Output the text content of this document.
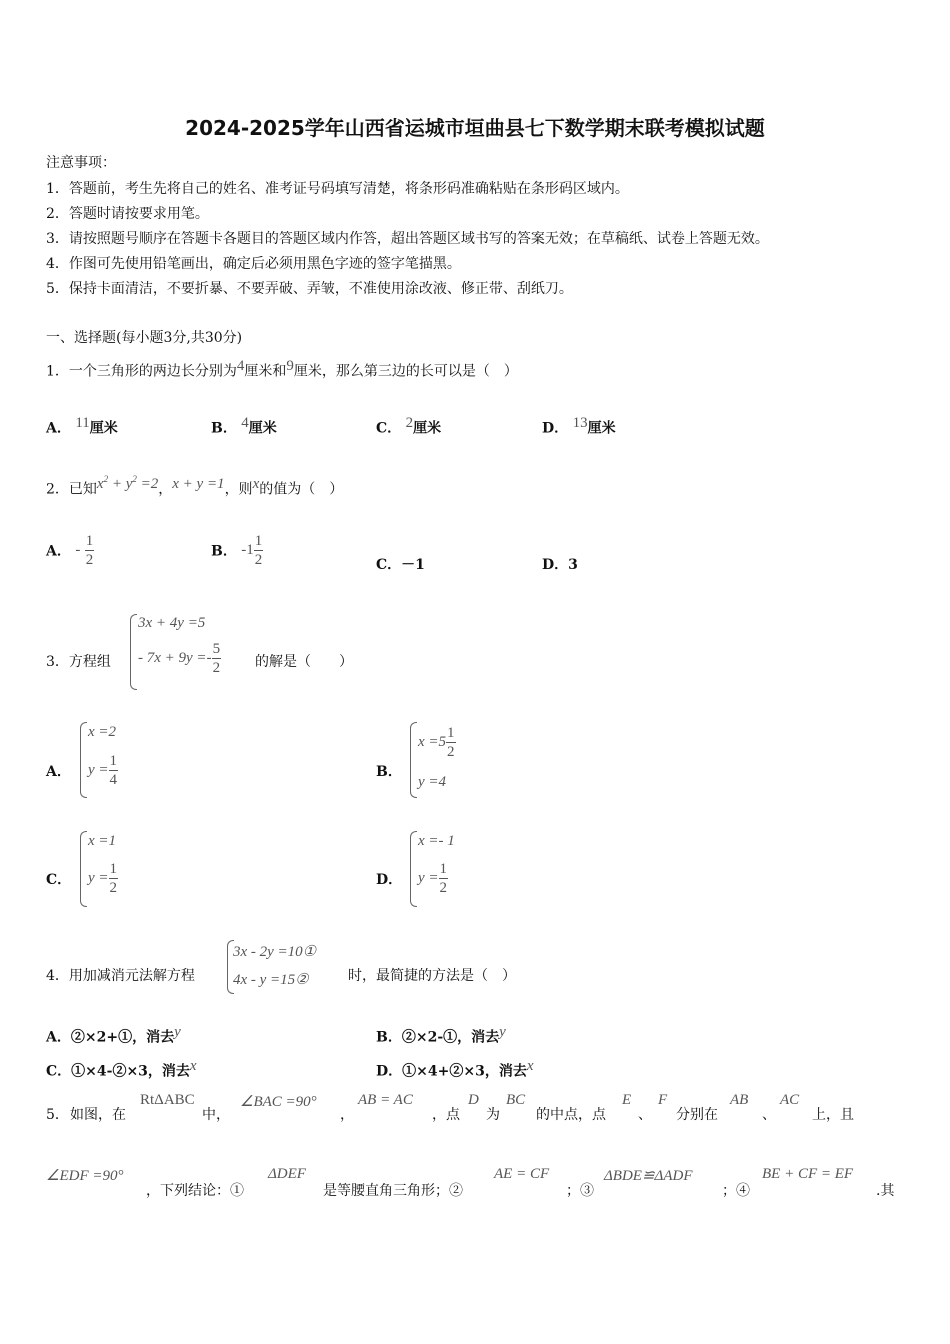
2024-2025学年山西省运城市垣曲县七下数学期末联考模拟试题
注意事项：
1．答题前，考生先将自己的姓名、准考证号码填写清楚，将条形码准确粘贴在条形码区域内。
2．答题时请按要求用笔。
3．请按照题号顺序在答题卡各题目的答题区域内作答，超出答题区域书写的答案无效；在草稿纸、试卷上答题无效。
4．作图可先使用铅笔画出，确定后必须用黑色字迹的签字笔描黑。
5．保持卡面清洁，不要折暴、不要弄破、弄皱，不准使用涂改液、修正带、刮纸刀。
一、选择题(每小题3分,共30分)
1．一个三角形的两边长分别为$^4$厘米和$^9$厘米，那么第三边的长可以是（　）
A． $^{11}$厘米	B． $^4$厘米	C． $^2$厘米	D． $^{13}$厘米
2．已知$^{x^2 + y^2 =2}$，$^{x + y =1}$，则$^x$的值为（　）
A． - $\frac{1}{2}$	B． $-1 \frac{1}{2}$	C．－1	D．3
3．方程组
3x + 4y =5
- $7x + 9y =- \frac{5}{2}$ 的解是（　　）
A．
x =2
$y = \frac{1}{4}$	B．
$x =5 \frac{1}{2}$
y =4
C．
x =1
$y = \frac{1}{2}$	D．
x =- 1
$y = \frac{1}{2}$
4．用加减消元法解方程
3x - 2y =10①
4x - y =15②	时，最简捷的方法是（　）
A．②×2+①，消去$^y$	B．②×2-①，消去$^y$
C．①×4-②×3，消去$^x$	D．①×4+②×3，消去$^x$
5． 如图，在
RtΔABC
中，
∠BAC =90°
，
AB = AC
，点
D
为
BC
的中点，点
E
、
F
分别在
AB
、
AC
上，且
∠EDF =90°
，下列结论：①
ΔDEF
是等腰直角三角形；②
AE = CF
；③
ΔBDE≌ΔADF
；④
BE + CF = EF
.其
